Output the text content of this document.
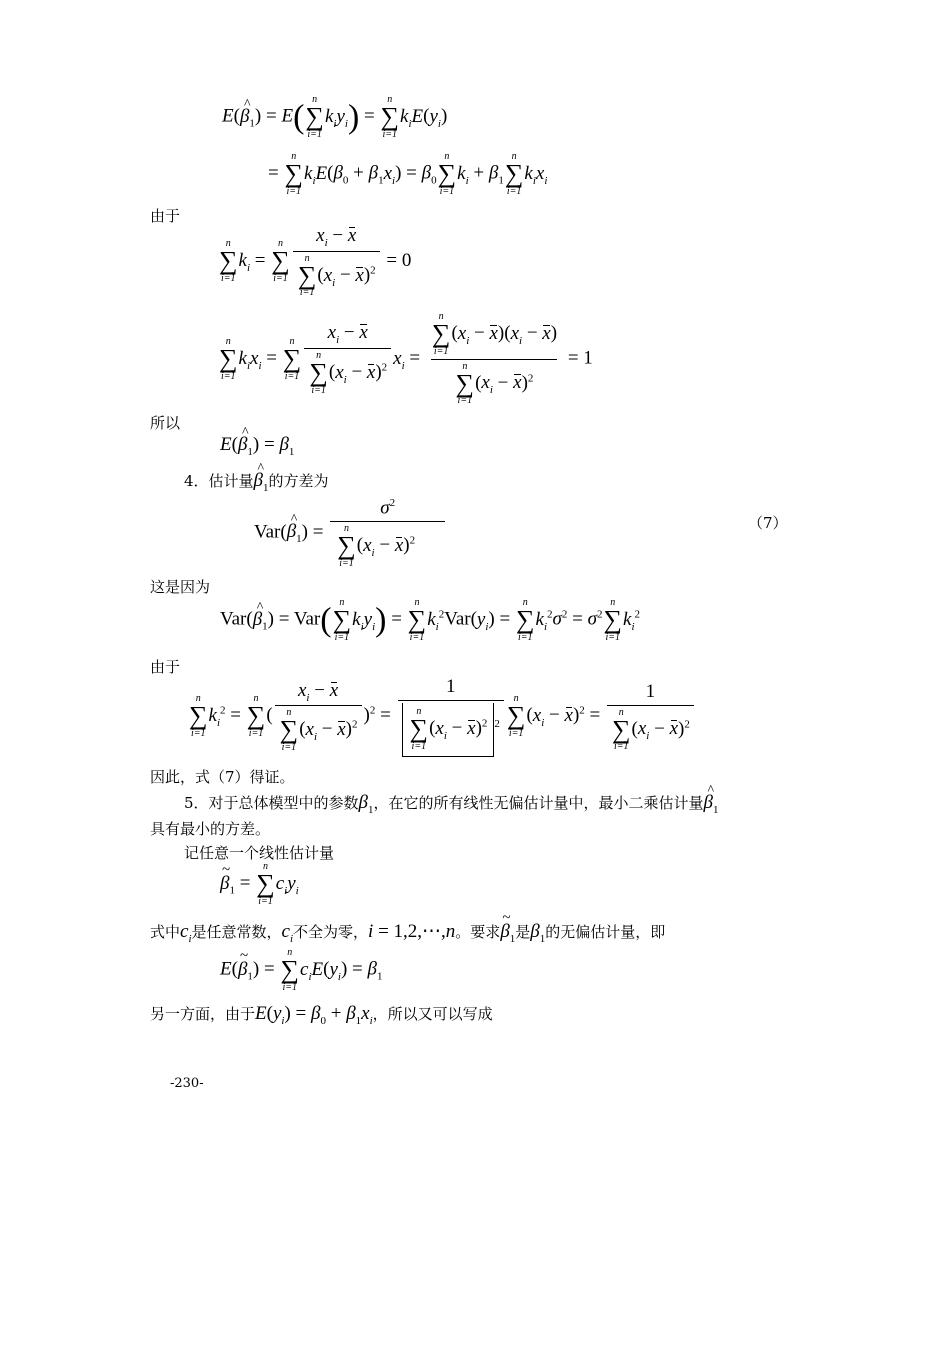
E(^ $\beta_1) = E$( n
∑
i=1
$k_iy_i$) =
n
∑
i=1
$k_iE(y_i)$
=
n
∑
i=1
$k_iE(\beta_0 + \beta_1x_i) = \beta_0$
n
∑
i=1
$k_i + \beta_1$
n
∑
i=1
$k_ix_i$
由于
n
∑
i=1
$k_i$ =
n
∑
i=1 $x_i - x$
n
∑
i=1
$(x_i - x)^2 = 0$
n
∑
i=1
$k_ix_i$ =
n
∑
i=1 $x_i - x$
n
∑
i=1
$(x_i - x)^2$ $x_i = n$
∑
i=1
$(x_i - x)(x_i - x)$
n
∑
i=1
$(x_i - x)^2 = 1$
所以
E(^ $\beta_1) = \beta_1$
4．估计量^ $\beta_1$的方差为
Var(^ $\beta_1) = \sigma^2$
n
∑
i=1
$(x_i - x)^2$	（7）
这是因为
Var(^ $\beta_1) = Var$( n
∑
i=1
$k_iy_i$) =
n
∑
i=1
$k_i^2Var(y_i)$ =
n
∑
i=1
$k_i^2\sigma^2 = \sigma^2$
n
∑
i=1
$k_i^2$
由于
n
∑
i=1
$k_i^2$ =
n
∑
i=1
( $x_i - x$
n
∑
i=1
$(x_i - x)^2$ )$^2$ = 1
n
∑
i=1
$(x_i - x)^2$ $^2$ n
∑
i=1
$(x_i - x)^2 = 1$
n
∑
i=1
$(x_i - x)^2$
因此，式（7）得证。
5．对于总体模型中的参数$\beta_1$，在它的所有线性无偏估计量中，最小二乘估计量^ $\beta_1$
具有最小的方差。
记任意一个线性估计量
~ $\beta_1$ =
n
∑
i=1
$c_iy_i$
式中$c_i$是任意常数，$c_i$不全为零，i = 1,2,⋯,n。要求~ $\beta_1$是$\beta_1$的无偏估计量，即
E(~ $\beta_1$) =
n
∑
i=1
$c_iE(y_i) = \beta_1$
另一方面，由于$E(y_i) = \beta_0 + \beta_1x_i$，所以又可以写成
-230-
